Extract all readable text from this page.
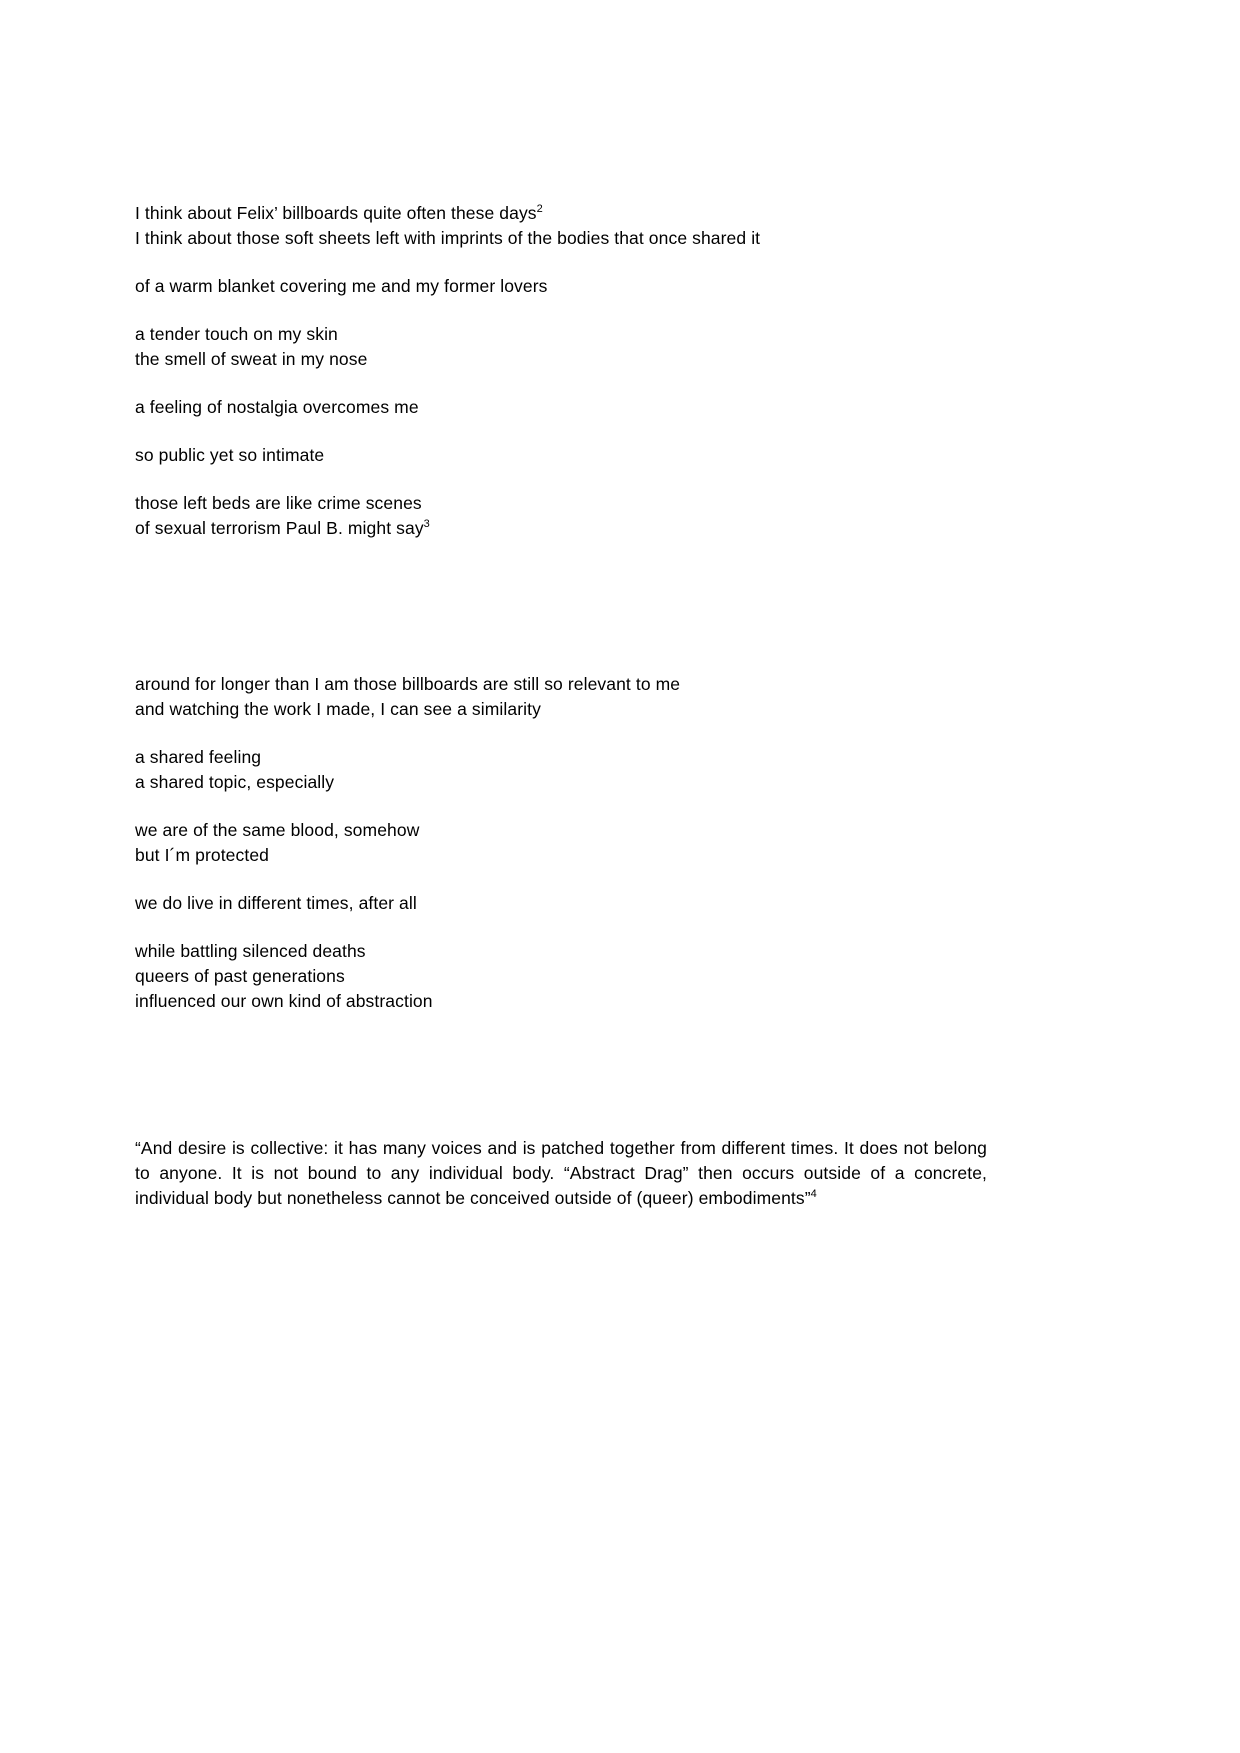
I think about Felix’ billboards quite often these days$^2$
I think about those soft sheets left with imprints of the bodies that once shared it
of a warm blanket covering me and my former lovers
a tender touch on my skin
the smell of sweat in my nose
a feeling of nostalgia overcomes me
so public yet so intimate
those left beds are like crime scenes
of sexual terrorism Paul B. might say$^3$
around for longer than I am those billboards are still so relevant to me
and watching the work I made, I can see a similarity
a shared feeling
a shared topic, especially
we are of the same blood, somehow
but I´m protected
we do live in different times, after all
while battling silenced deaths
queers of past generations
influenced our own kind of abstraction
“And desire is collective: it has many voices and is patched together from different times. It does not belong to anyone. It is not bound to any individual body. “Abstract Drag” then occurs outside of a concrete, individual body but nonetheless cannot be conceived outside of (queer) embodiments”$^4$
